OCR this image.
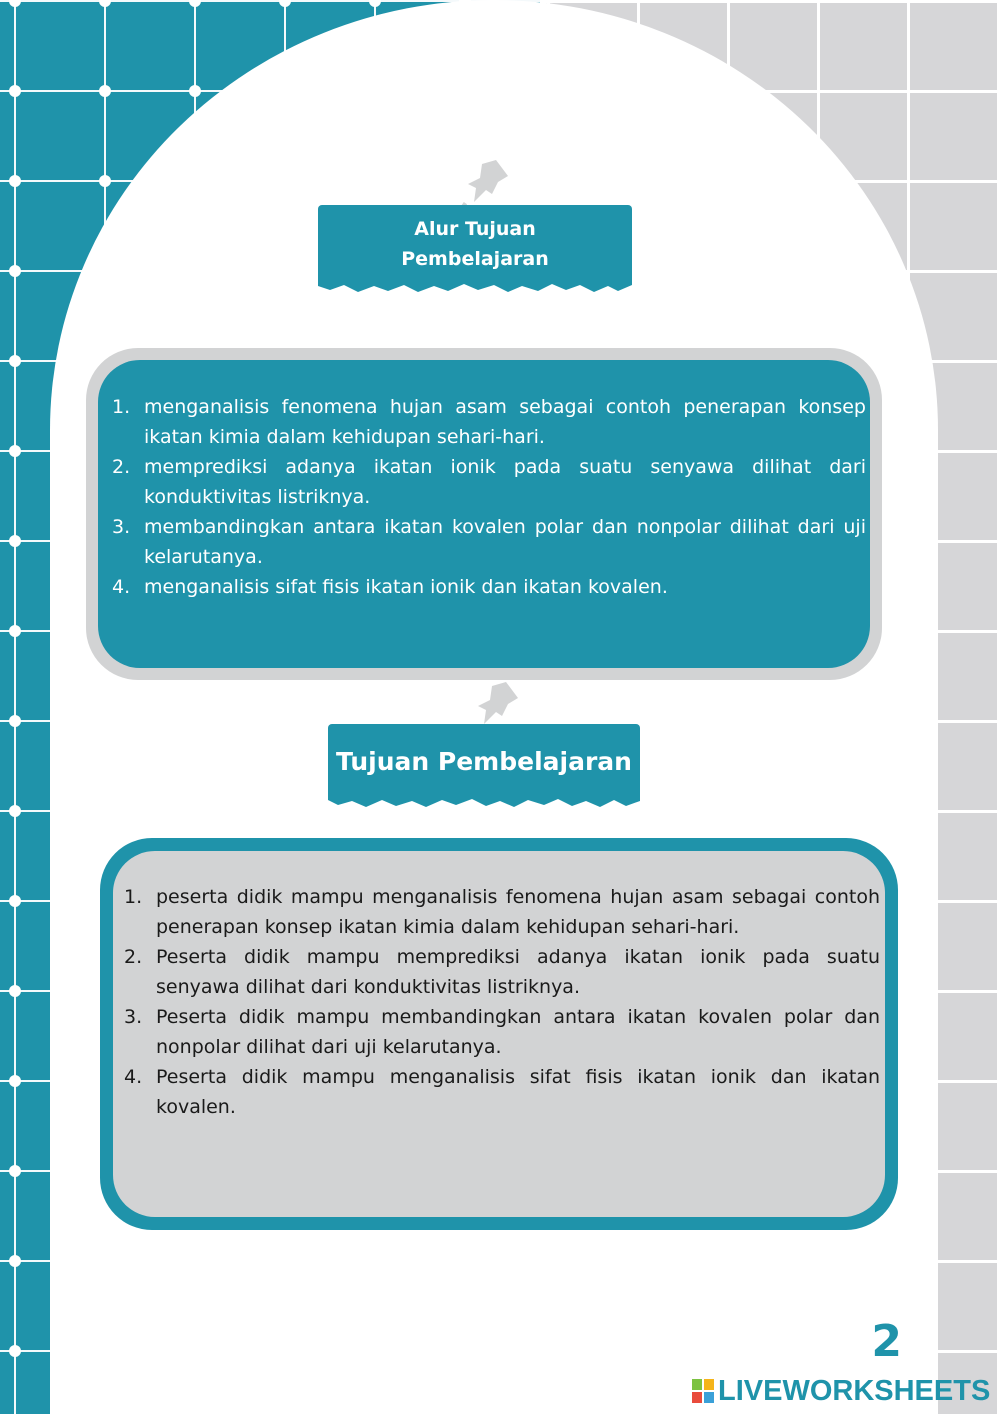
Alur Tujuan
Pembelajaran
1. menganalisis fenomena hujan asam sebagai contoh penerapan konsep ikatan kimia dalam kehidupan sehari-hari.
2. memprediksi adanya ikatan ionik pada suatu senyawa dilihat dari konduktivitas listriknya.
3. membandingkan antara ikatan kovalen polar dan nonpolar dilihat dari uji kelarutanya.
4. menganalisis sifat fisis ikatan ionik dan ikatan kovalen.
Tujuan Pembelajaran
1. peserta didik mampu menganalisis fenomena hujan asam sebagai contoh penerapan konsep ikatan kimia dalam kehidupan sehari-hari.
2. Peserta didik mampu memprediksi adanya ikatan ionik pada suatu senyawa dilihat dari konduktivitas listriknya.
3. Peserta didik mampu membandingkan antara ikatan kovalen polar dan nonpolar dilihat dari uji kelarutanya.
4. Peserta didik mampu menganalisis sifat fisis ikatan ionik dan ikatan kovalen.
2
LIVEWORKSHEETS
